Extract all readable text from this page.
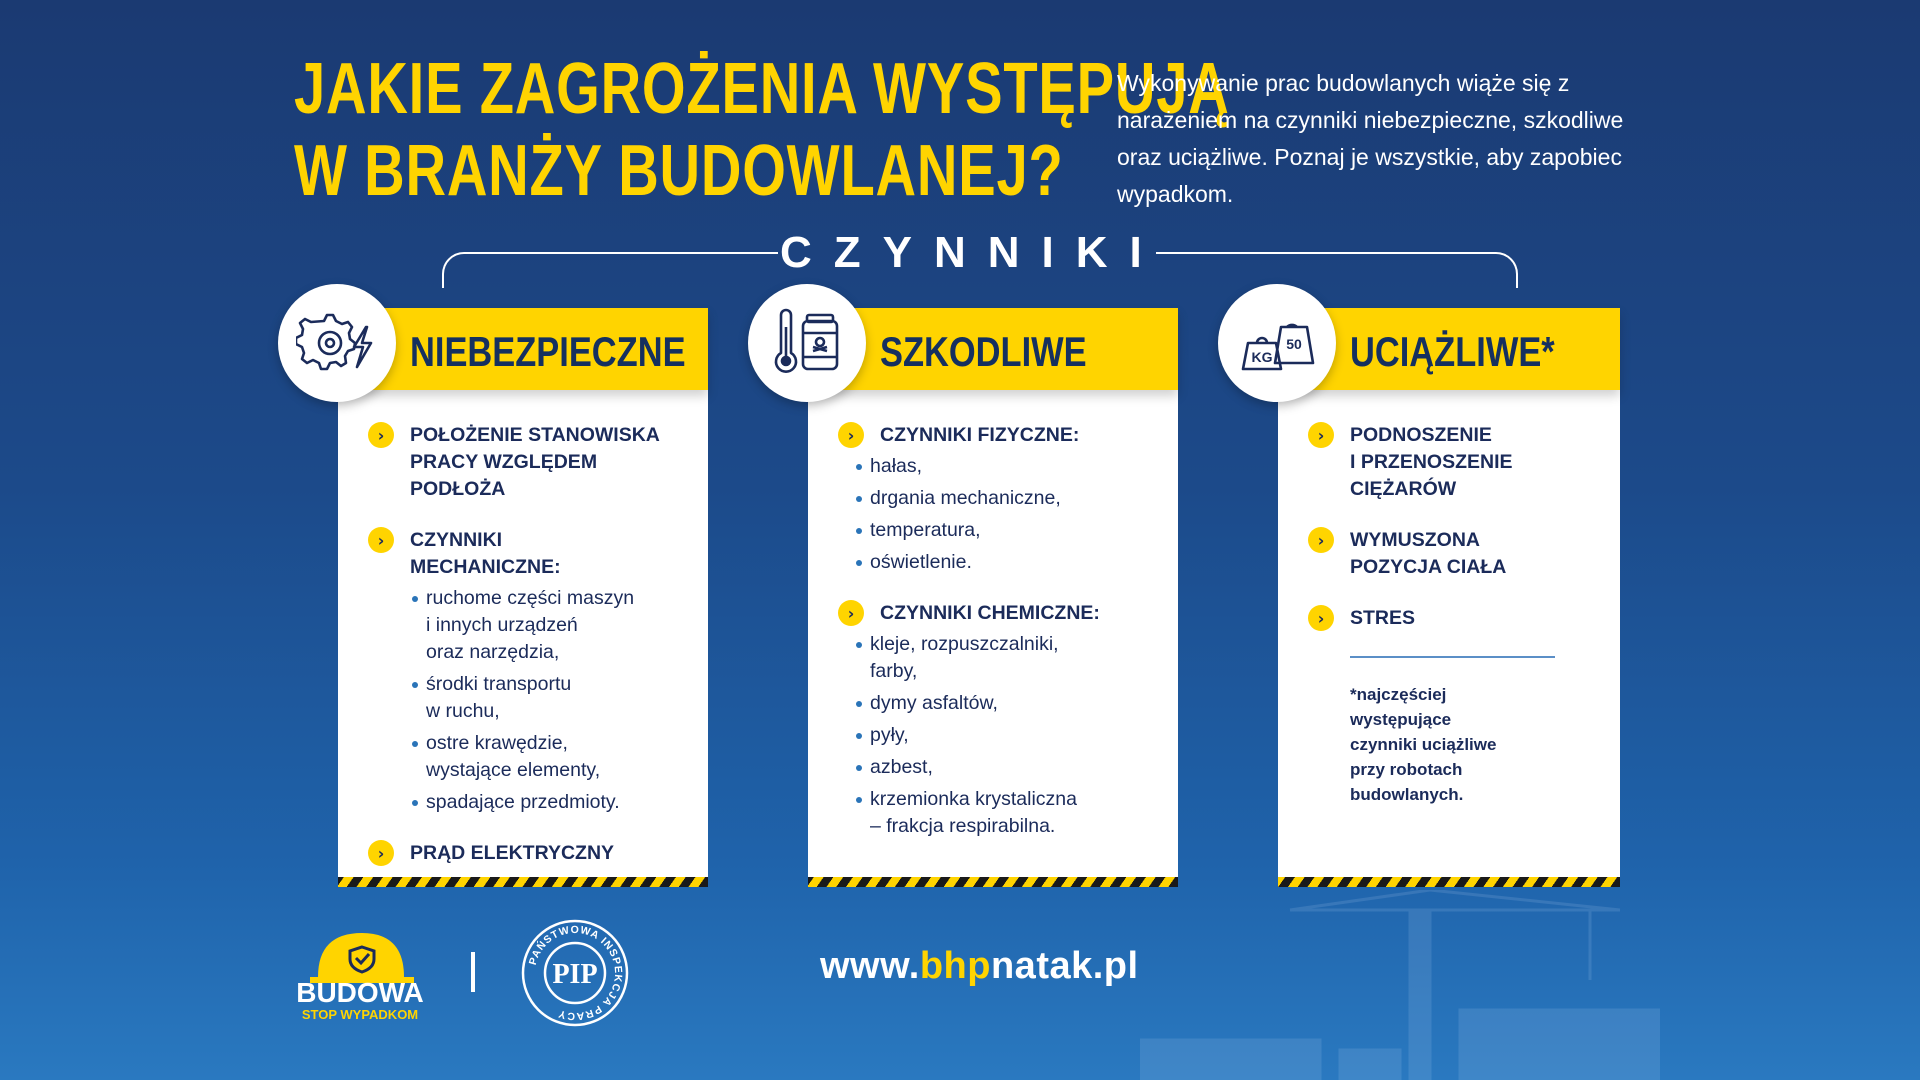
JAKIE ZAGROŻENIA WYSTĘPUJĄ
W BRANŻY BUDOWLANEJ?
Wykonywanie prac budowlanych wiąże się z narażeniem na czynniki niebezpieczne, szkodliwe oraz uciążliwe. Poznaj je wszystkie, aby zapobiec wypadkom.
CZYNNIKI
NIEBEZPIECZNE
›	POŁOŻENIE STANOWISKA
PRACY WZGLĘDEM PODŁOŻA
›	CZYNNIKI
MECHANICZNE:
ruchome części maszyn
i innych urządzeń
oraz narzędzia,
środki transportu
w ruchu,
ostre krawędzie,
wystające elementy,
spadające przedmioty.
›	PRĄD ELEKTRYCZNY
SZKODLIWE
›	CZYNNIKI FIZYCZNE:
hałas,
drgania mechaniczne,
temperatura,
oświetlenie.
›	CZYNNIKI CHEMICZNE:
kleje, rozpuszczalniki,
farby,
dymy asfaltów,
pyły,
azbest,
krzemionka krystaliczna
– frakcja respirabilna.
UCIĄŻLIWE*
KG
50
›	PODNOSZENIE
I PRZENOSZENIE
CIĘŻARÓW
›	WYMUSZONA
POZYCJA CIAŁA
›	STRES
*najczęściej
występujące
czynniki uciążliwe
przy robotach
budowlanych.
BUDOWA
STOP WYPADKOM
PAŃSTWOWA INSPEKCJA PRACY
PIP	www.bhpnatak.pl
